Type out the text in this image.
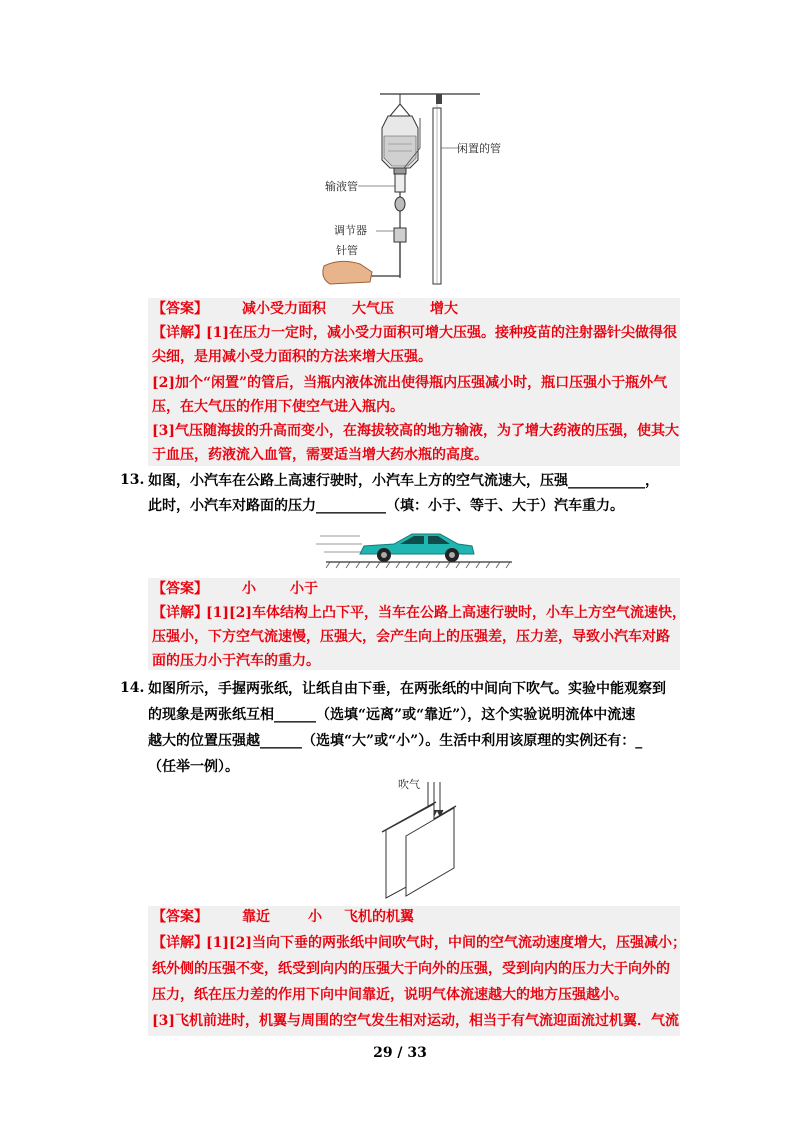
闲置的管
输液管
调节器
针管
【答案】 减小受力面积 大气压	增大
【详解】
[1]在压力一定时，减小受力面积可增大压强。接种疫苗的注射器针尖做得很
尖细，是用减小受力面积的方法来增大压强。
[2]加个“闲置”的管后，当瓶内液体流出使得瓶内压强减小时，瓶口压强小于瓶外气
压，在大气压的作用下使空气进入瓶内。
[3]气压随海拔的升高而变小，在海拔较高的地方输液，为了增大药液的压强，使其大
于血压，药液流入血管，需要适当增大药水瓶的高度。
13. 如图，小汽车在公路上高速行驶时，小汽车上方的空气流速大，压强___________，
此时，小汽车对路面的压力__________（填：小于、等于、大于）汽车重力。
【答案】 小 小于
【详解】
[1][2]车体结构上凸下平，当车在公路上高速行驶时，小车上方空气流速快，
压强小，下方空气流速慢，压强大，会产生向上的压强差，压力差，导致小汽车对路
面的压力小于汽车的重力。
14. 如图所示，手握两张纸，让纸自由下垂，在两张纸的中间向下吹气。实验中能观察到
的现象是两张纸互相______（选填“远离”或“靠近”），这个实验说明流体中流速
越大的位置压强越______（选填“大”或“小”）。生活中利用该原理的实例还有：_
（任举一例）。
吹气
【答案】 靠近	小 飞机的机翼
【详解】
[1][2]当向下垂的两张纸中间吹气时，中间的空气流动速度增大，压强减小；
纸外侧的压强不变，纸受到向内的压强大于向外的压强，受到向内的压力大于向外的
压力，纸在压力差的作用下向中间靠近，说明气体流速越大的地方压强越小。
[3]飞机前进时，机翼与周围的空气发生相对运动，相当于有气流迎面流过机翼．气流
29 / 33
